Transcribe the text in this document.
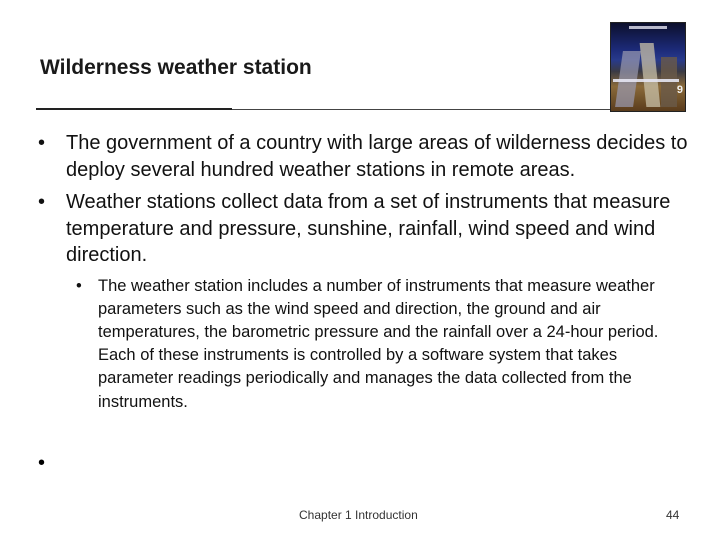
Wilderness weather station
9
• The government of a country with large areas of wilderness decides to deploy several hundred weather stations in remote areas.
• Weather stations collect data from a set of instruments that measure temperature and pressure, sunshine, rainfall, wind speed and wind direction.
• The weather station includes a number of instruments that measure weather parameters such as the wind speed and direction, the ground and air temperatures, the barometric pressure and the rainfall over a 24-hour period. Each of these instruments is controlled by a software system that takes parameter readings periodically and manages the data collected from the instruments.
•
Chapter 1 Introduction	44
